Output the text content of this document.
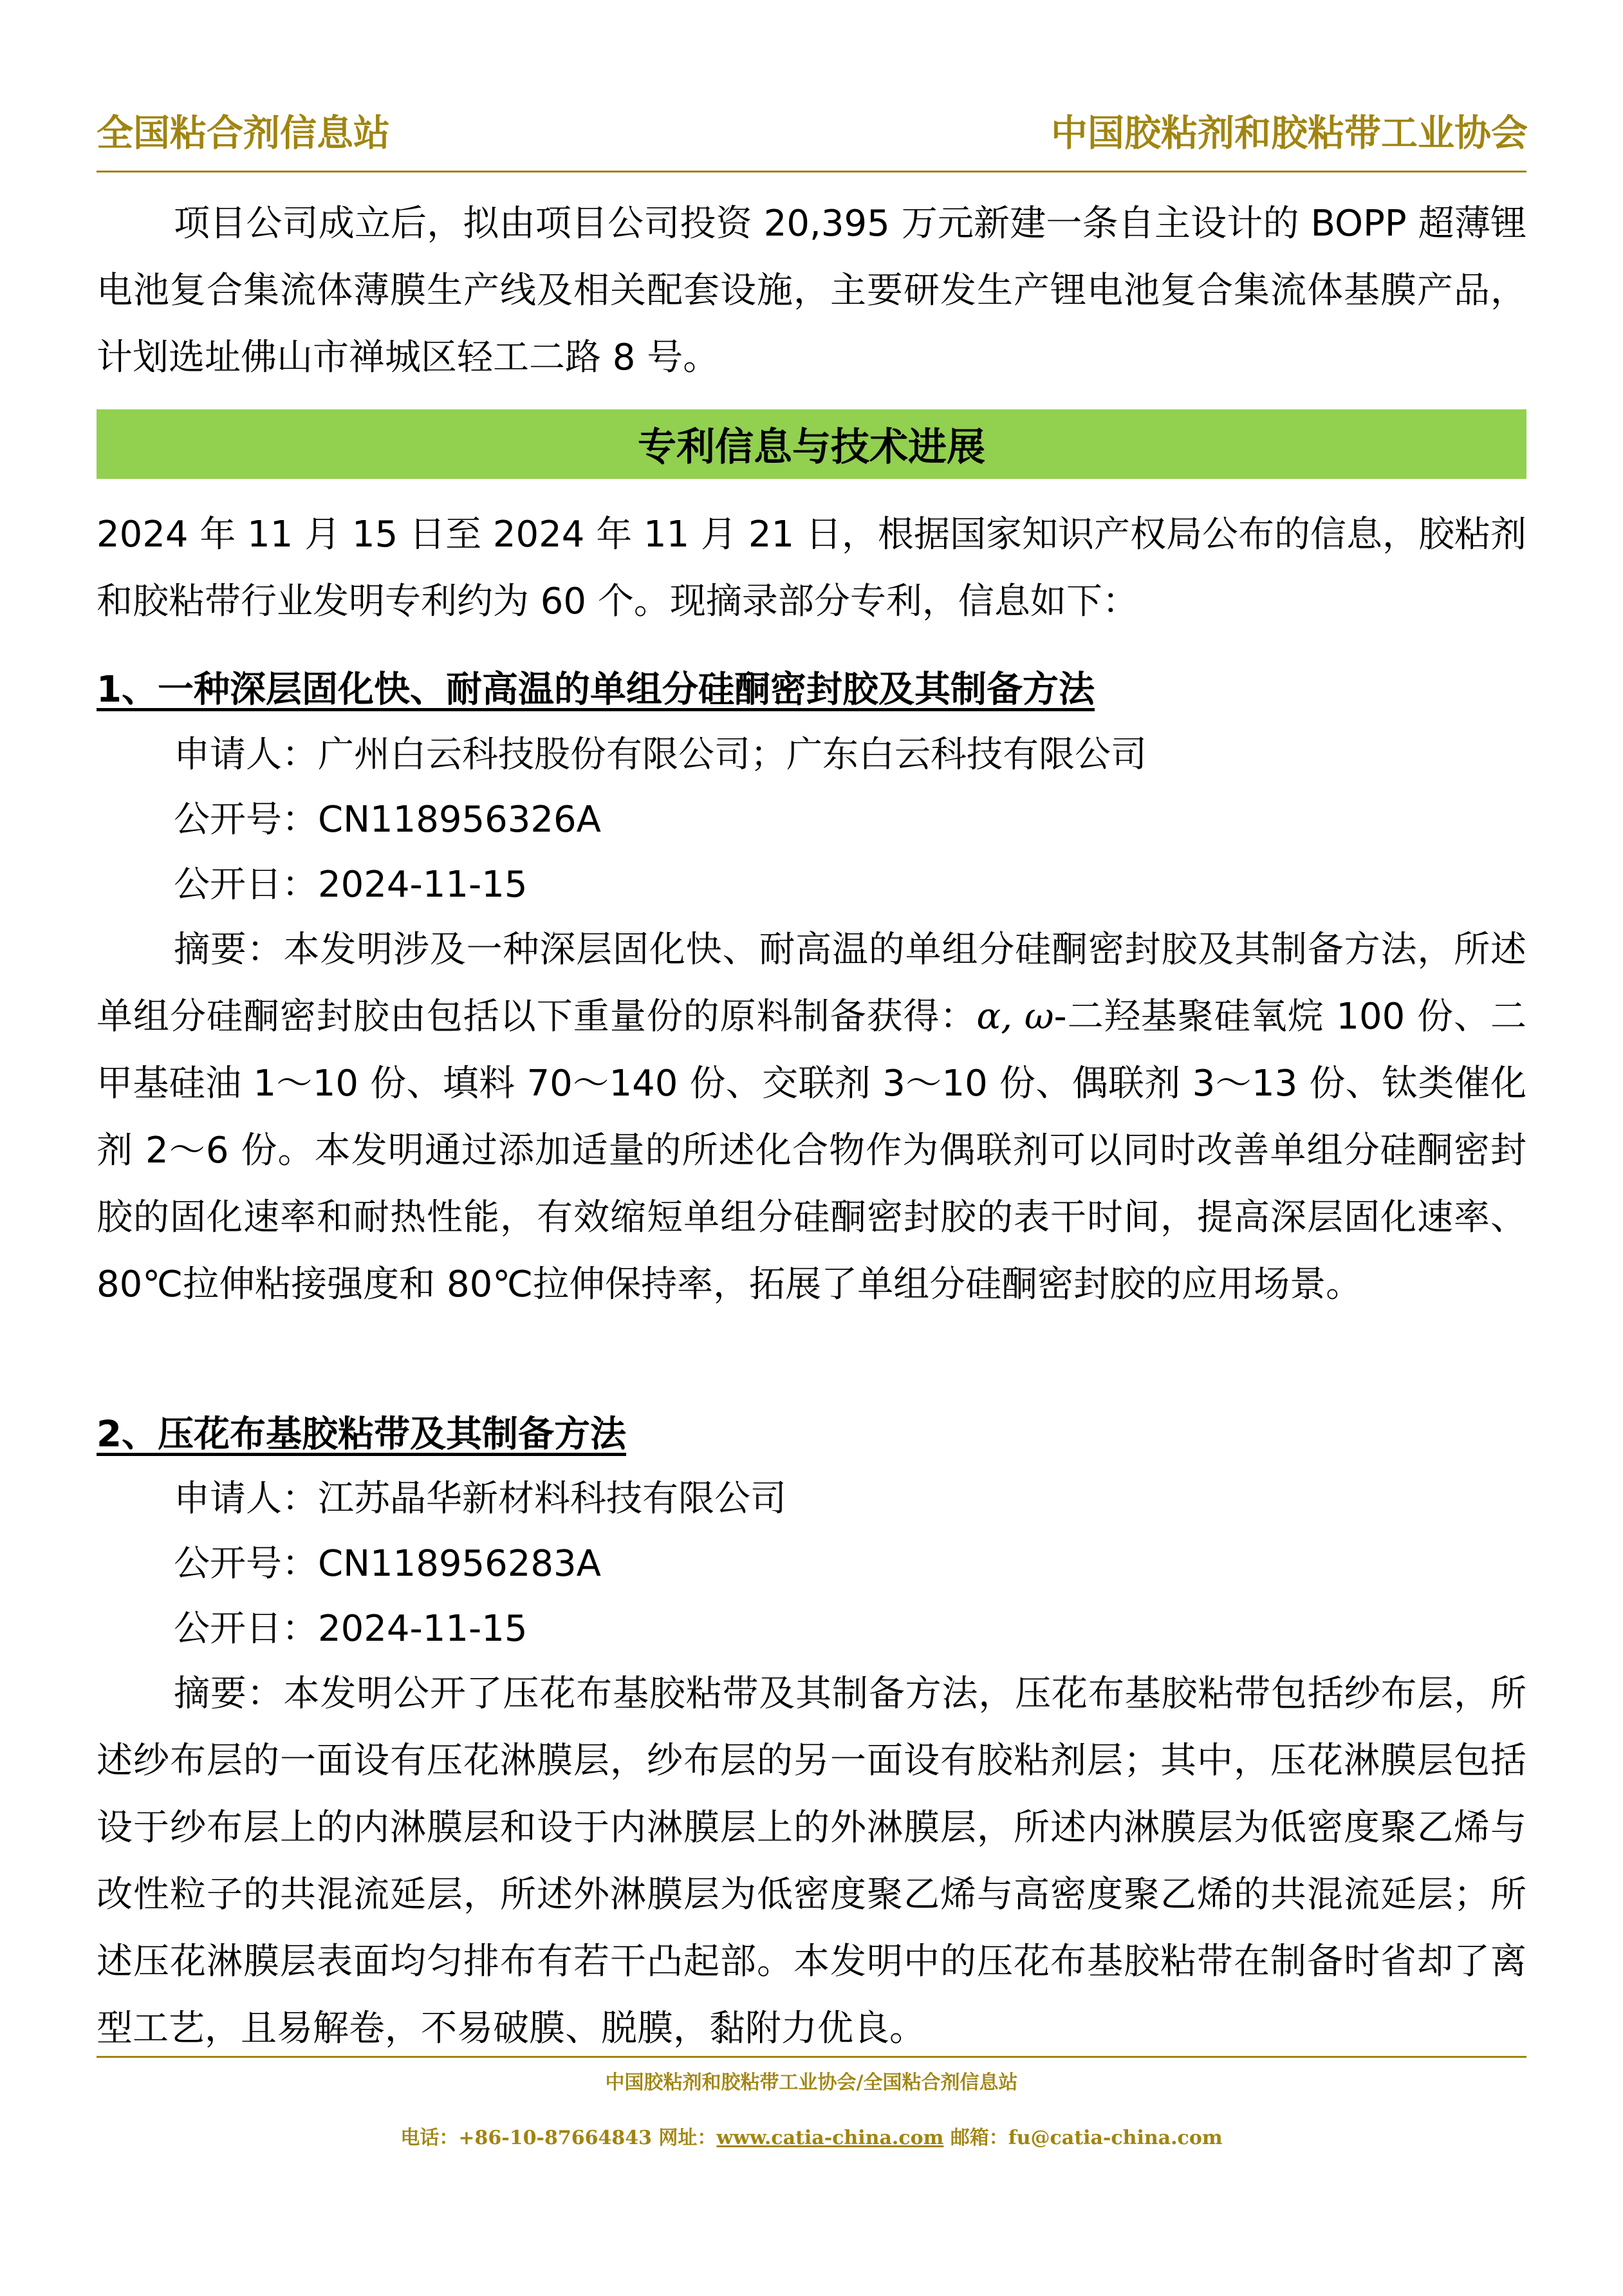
全国粘合剂信息站	中国胶粘剂和胶粘带工业协会

项目公司成立后，拟由项目公司投资 20,395 万元新建一条自主设计的 BOPP 超薄锂电池复合集流体薄膜生产线及相关配套设施，主要研发生产锂电池复合集流体基膜产品，计划选址佛山市禅城区轻工二路 8 号。

专利信息与技术进展

2024 年 11 月 15 日至 2024 年 11 月 21 日，根据国家知识产权局公布的信息，胶粘剂和胶粘带行业发明专利约为 60 个。现摘录部分专利，信息如下：

1、一种深层固化快、耐高温的单组分硅酮密封胶及其制备方法
申请人：广州白云科技股份有限公司；广东白云科技有限公司
公开号：CN118956326A
公开日：2024-11-15

摘要：本发明涉及一种深层固化快、耐高温的单组分硅酮密封胶及其制备方法，所述单组分硅酮密封胶由包括以下重量份的原料制备获得：α, ω-二羟基聚硅氧烷 100 份、二甲基硅油 1～10 份、填料 70～140 份、交联剂 3～10 份、偶联剂 3～13 份、钛类催化剂 2～6 份。本发明通过添加适量的所述化合物作为偶联剂可以同时改善单组分硅酮密封胶的固化速率和耐热性能，有效缩短单组分硅酮密封胶的表干时间，提高深层固化速率、80℃拉伸粘接强度和 80℃拉伸保持率，拓展了单组分硅酮密封胶的应用场景。

2、压花布基胶粘带及其制备方法
申请人：江苏晶华新材料科技有限公司
公开号：CN118956283A
公开日：2024-11-15

摘要：本发明公开了压花布基胶粘带及其制备方法，压花布基胶粘带包括纱布层，所述纱布层的一面设有压花淋膜层，纱布层的另一面设有胶粘剂层；其中，压花淋膜层包括设于纱布层上的内淋膜层和设于内淋膜层上的外淋膜层，所述内淋膜层为低密度聚乙烯与改性粒子的共混流延层，所述外淋膜层为低密度聚乙烯与高密度聚乙烯的共混流延层；所述压花淋膜层表面均匀排布有若干凸起部。本发明中的压花布基胶粘带在制备时省却了离型工艺，且易解卷，不易破膜、脱膜，黏附力优良。

中国胶粘剂和胶粘带工业协会/全国粘合剂信息站
电话：+86-10-87664843 网址：www.catia-china.com 邮箱：fu@catia-china.com
